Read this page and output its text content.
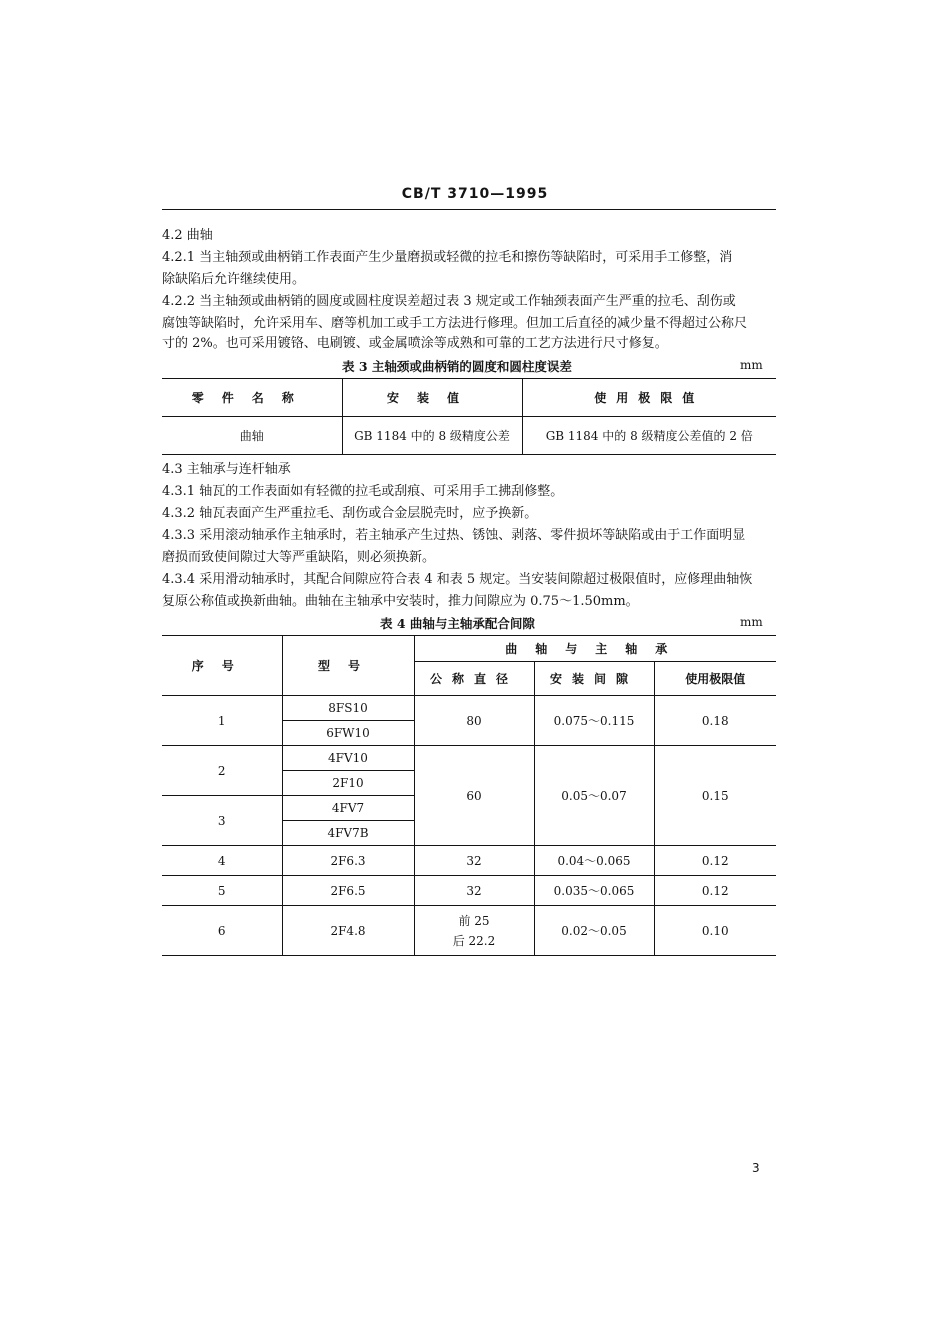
CB/T 3710—1995
4.2 曲轴
4.2.1 当主轴颈或曲柄销工作表面产生少量磨损或轻微的拉毛和擦伤等缺陷时，可采用手工修整，消
除缺陷后允许继续使用。
4.2.2 当主轴颈或曲柄销的圆度或圆柱度误差超过表 3 规定或工作轴颈表面产生严重的拉毛、刮伤或
腐蚀等缺陷时，允许采用车、磨等机加工或手工方法进行修理。但加工后直径的减少量不得超过公称尺
寸的 2%。也可采用镀铬、电刷镀、或金属喷涂等成熟和可靠的工艺方法进行尺寸修复。
表 3 主轴颈或曲柄销的圆度和圆柱度误差	mm
零件名称	安装值	使用极限值
曲轴	GB 1184 中的 8 级精度公差	GB 1184 中的 8 级精度公差值的 2 倍
4.3 主轴承与连杆轴承
4.3.1 轴瓦的工作表面如有轻微的拉毛或刮痕、可采用手工拂刮修整。
4.3.2 轴瓦表面产生严重拉毛、刮伤或合金层脱壳时，应予换新。
4.3.3 采用滚动轴承作主轴承时，若主轴承产生过热、锈蚀、剥落、零件损坏等缺陷或由于工作面明显
磨损而致使间隙过大等严重缺陷，则必须换新。
4.3.4 采用滑动轴承时，其配合间隙应符合表 4 和表 5 规定。当安装间隙超过极限值时，应修理曲轴恢
复原公称值或换新曲轴。曲轴在主轴承中安装时，推力间隙应为 0.75～1.50mm。
表 4 曲轴与主轴承配合间隙	mm
序号	型号	曲轴与主轴承		
		公称直径	安装间隙	使用极限值
1	8FS10	80	0.075～0.115	0.18
	6FW10			
2	4FV10	60	0.05～0.07	0.15
	2F10			
3	4FV7			
	4FV7B			
4	2F6.3	32	0.04～0.065	0.12
5	2F6.5	32	0.035～0.065	0.12
6	2F4.8	前 25
后 22.2	0.02～0.05	0.10
3
